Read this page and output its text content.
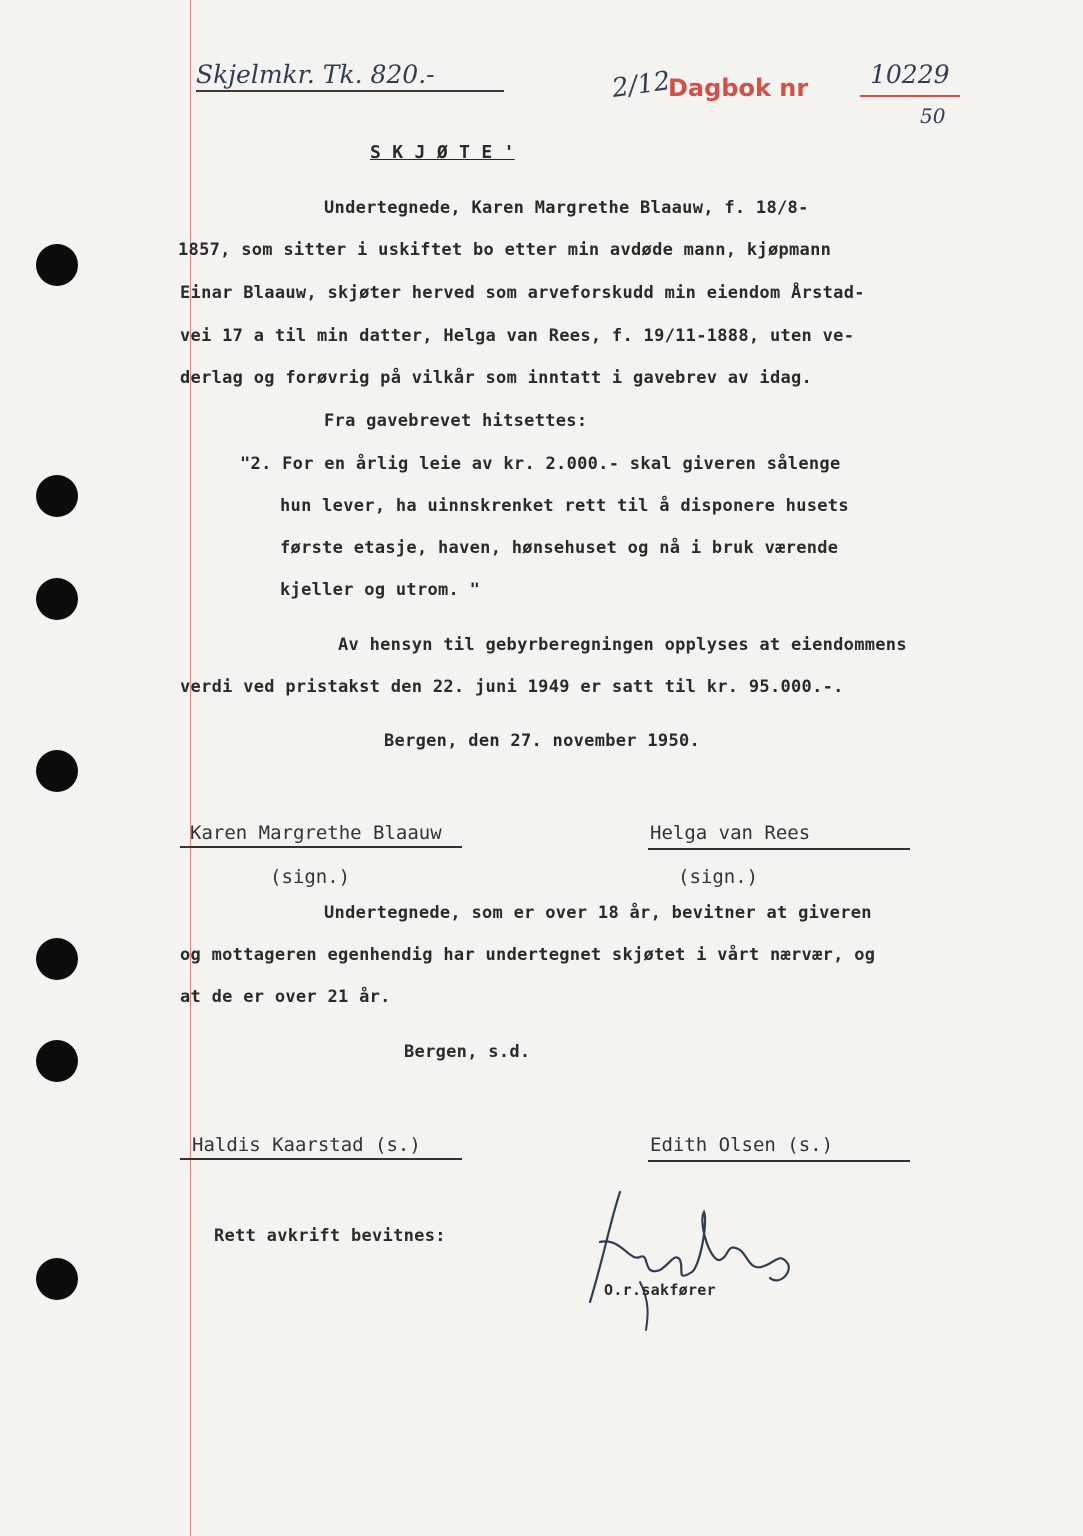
Skjelmkr. Tk. 820.-	2/12
Dagbok nr 10229
50
S K J Ø T E '
Undertegnede, Karen Margrethe Blaauw, f. 18/8-
1857, som sitter i uskiftet bo etter min avdøde mann, kjøpmann
Einar Blaauw, skjøter herved som arveforskudd min eiendom Årstad-
vei 17 a til min datter, Helga van Rees, f. 19/11-1888, uten ve-
derlag og forøvrig på vilkår som inntatt i gavebrev av idag.
Fra gavebrevet hitsettes:
"2. For en årlig leie av kr. 2.000.- skal giveren sålenge
hun lever, ha uinnskrenket rett til å disponere husets
første etasje, haven, hønsehuset og nå i bruk værende
kjeller og utrom. "
Av hensyn til gebyrberegningen opplyses at eiendommens
verdi ved pristakst den 22. juni 1949 er satt til kr. 95.000.-.
Bergen, den 27. november 1950.
Karen Margrethe Blaauw
(sign.)
Helga van Rees
(sign.)
Undertegnede, som er over 18 år, bevitner at giveren
og mottageren egenhendig har undertegnet skjøtet i vårt nærvær, og
at de er over 21 år.
Bergen, s.d.
Haldis Kaarstad (s.)	Edith Olsen (s.)
Rett avkrift bevitnes:
O.r.sakfører
